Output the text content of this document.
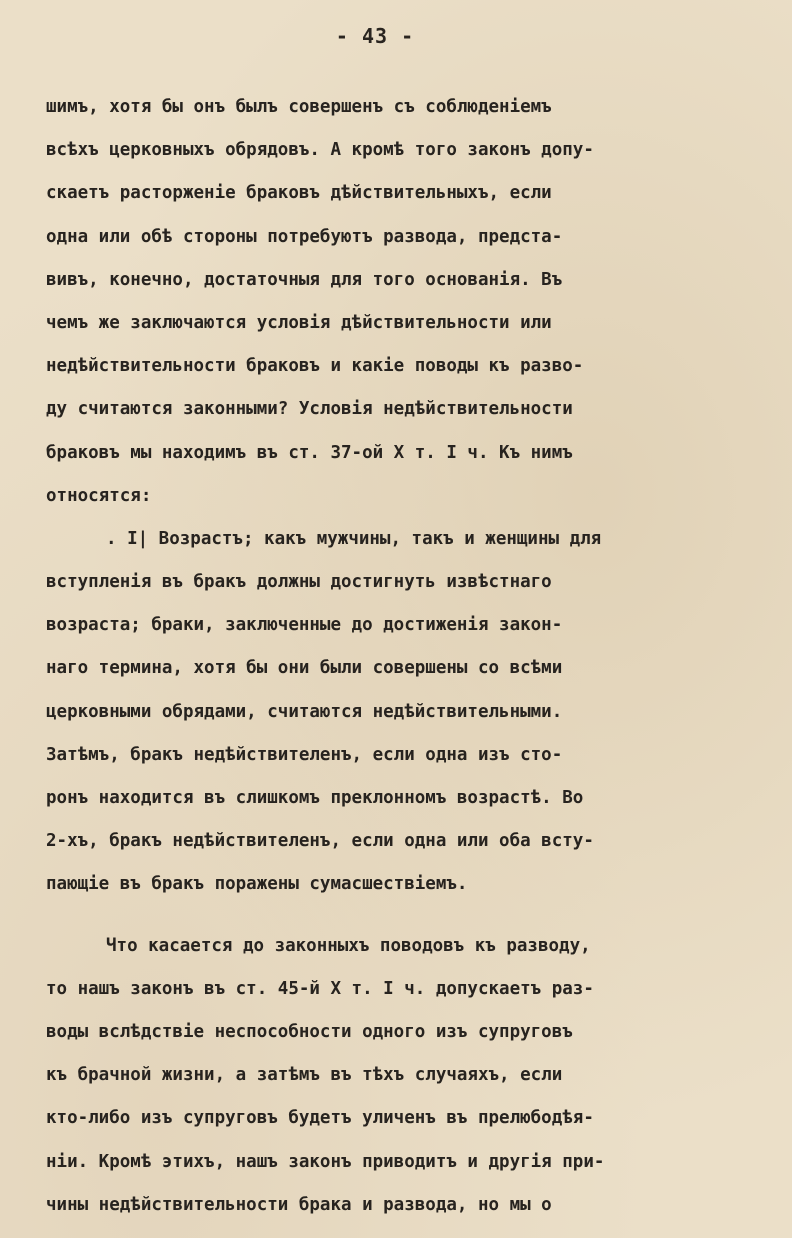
- 43 -
шимъ, хотя бы онъ былъ совершенъ съ соблюденіемъ
всѣхъ церковныхъ обрядовъ. А кромѣ того законъ допу-
скаетъ расторженіе браковъ дѣйствительныхъ, если
одна или обѣ стороны потребуютъ развода, предста-
вивъ, конечно, достаточныя для того основанія. Въ
чемъ же заключаются условія дѣйствительности или
недѣйствительности браковъ и какіе поводы къ разво-
ду считаются законными? Условія недѣйствительности
браковъ мы находимъ въ ст. 37-ой X т. I ч. Къ нимъ
относятся:
. I| Возрастъ; какъ мужчины, такъ и женщины для
вступленія въ бракъ должны достигнуть извѣстнаго
возраста; браки, заключенные до достиженія закон-
наго термина, хотя бы они были совершены со всѣми
церковными обрядами, считаются недѣйствительными.
Затѣмъ, бракъ недѣйствителенъ, если одна изъ сто-
ронъ находится въ слишкомъ преклонномъ возрастѣ. Во
2-хъ, бракъ недѣйствителенъ, если одна или оба всту-
пающіе въ бракъ поражены сумасшествіемъ.
Что касается до законныхъ поводовъ къ разводу,
то нашъ законъ въ ст. 45-й X т. I ч. допускаетъ раз-
воды вслѣдствіе неспособности одного изъ супруговъ
къ брачной жизни, а затѣмъ въ тѣхъ случаяхъ, если
кто-либо изъ супруговъ будетъ уличенъ въ прелюбодѣя-
ніи. Кромѣ этихъ, нашъ законъ приводитъ и другія при-
чины недѣйствительности брака и развода, но мы о
